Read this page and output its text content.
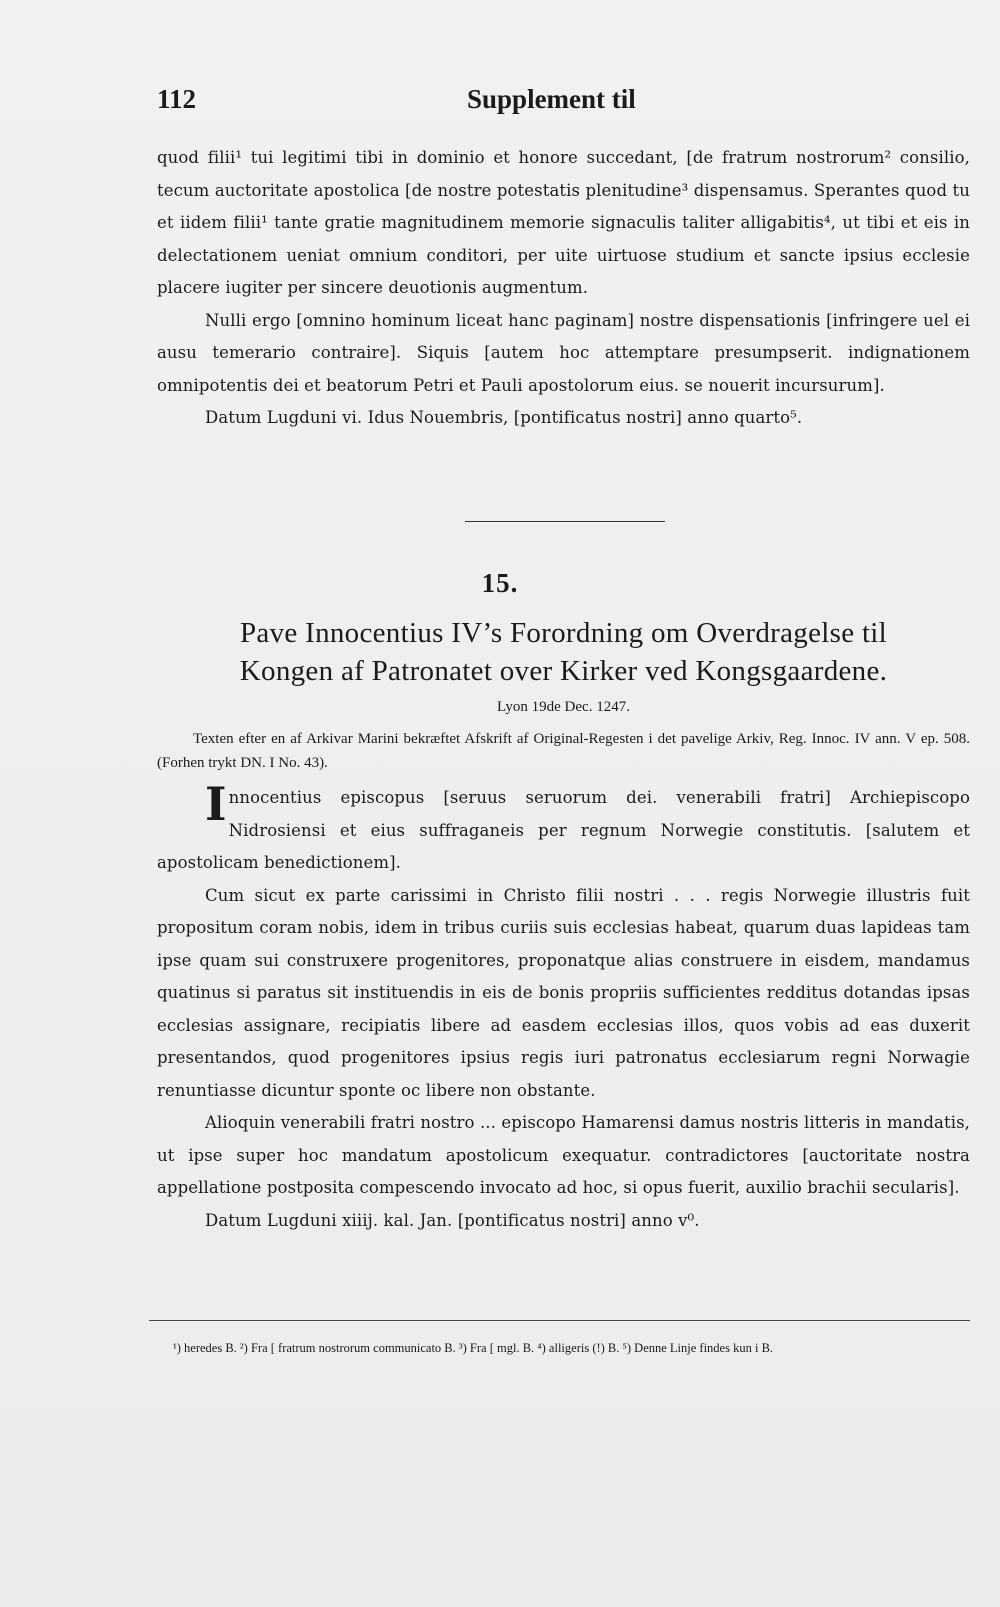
112	Supplement til

quod filii¹ tui legitimi tibi in dominio et honore succedant, [de fratrum nostrorum² consilio, tecum auctoritate apostolica [de nostre potestatis plenitudine³ dispensamus. Sperantes quod tu et iidem filii¹ tante gratie magnitudinem memorie signaculis taliter alligabitis⁴, ut tibi et eis in delectationem ueniat omnium conditori, per uite uirtuose studium et sancte ipsius ecclesie placere iugiter per sincere deuotionis augmentum.

Nulli ergo [omnino hominum liceat hanc paginam] nostre dispensationis [infringere uel ei ausu temerario contraire]. Siquis [autem hoc attemptare presumpserit. indignationem omnipotentis dei et beatorum Petri et Pauli apostolorum eius. se nouerit incursurum].

Datum Lugduni vi. Idus Nouembris, [pontificatus nostri] anno quarto⁵.

15.
Pave Innocentius IV’s Forordning om Overdragelse til
Kongen af Patronatet over Kirker ved Kongsgaardene.
Lyon 19de Dec. 1247.
Texten efter en af Arkivar Marini bekræftet Afskrift af Original-Regesten i det pavelige Arkiv, Reg. Innoc. IV ann. V ep. 508. (Forhen trykt DN. I No. 43).

I nnocentius episcopus [seruus seruorum dei. venerabili fratri] Archiepiscopo Nidrosiensi et eius suffraganeis per regnum Norwegie constitutis. [salutem et apostolicam benedictionem].

Cum sicut ex parte carissimi in Christo filii nostri . . . regis Norwegie illustris fuit propositum coram nobis, idem in tribus curiis suis ecclesias habeat, quarum duas lapideas tam ipse quam sui construxere progenitores, proponatque alias construere in eisdem, mandamus quatinus si paratus sit instituendis in eis de bonis propriis sufficientes redditus dotandas ipsas ecclesias assignare, recipiatis libere ad easdem ecclesias illos, quos vobis ad eas duxerit presentandos, quod progenitores ipsius regis iuri patronatus ecclesiarum regni Norwagie renuntiasse dicuntur sponte oc libere non obstante.

Alioquin venerabili fratri nostro ... episcopo Hamarensi damus nostris litteris in mandatis, ut ipse super hoc mandatum apostolicum exequatur. contradictores [auctoritate nostra appellatione postposita compescendo invocato ad hoc, si opus fuerit, auxilio brachii secularis].

Datum Lugduni xiiij. kal. Jan. [pontificatus nostri] anno v⁰.

¹) heredes B. ²) Fra [ fratrum nostrorum communicato B. ³) Fra [ mgl. B. ⁴) alligeris (!) B. ⁵) Denne Linje findes kun i B.
